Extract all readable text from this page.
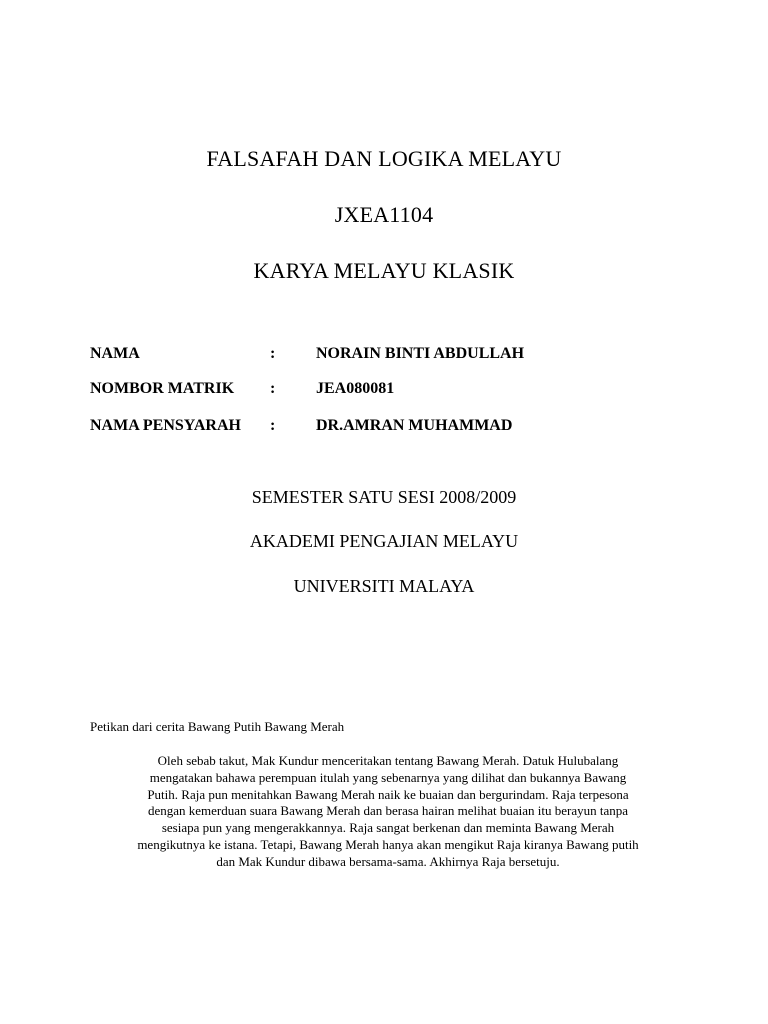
FALSAFAH DAN LOGIKA MELAYU
JXEA1104
KARYA MELAYU KLASIK
NAMA	:	NORAIN BINTI ABDULLAH
NOMBOR MATRIK :	JEA080081
NAMA PENSYARAH :	DR.AMRAN MUHAMMAD
SEMESTER SATU SESI 2008/2009
AKADEMI PENGAJIAN MELAYU
UNIVERSITI MALAYA
Petikan dari cerita Bawang Putih Bawang Merah
Oleh sebab takut, Mak Kundur menceritakan tentang Bawang Merah. Datuk Hulubalang
mengatakan bahawa perempuan itulah yang sebenarnya yang dilihat dan bukannya Bawang
Putih. Raja pun menitahkan Bawang Merah naik ke buaian dan bergurindam. Raja terpesona
dengan kemerduan suara Bawang Merah dan berasa hairan melihat buaian itu berayun tanpa
sesiapa pun yang mengerakkannya. Raja sangat berkenan dan meminta Bawang Merah
mengikutnya ke istana. Tetapi, Bawang Merah hanya akan mengikut Raja kiranya Bawang putih
dan Mak Kundur dibawa bersama-sama. Akhirnya Raja bersetuju.
